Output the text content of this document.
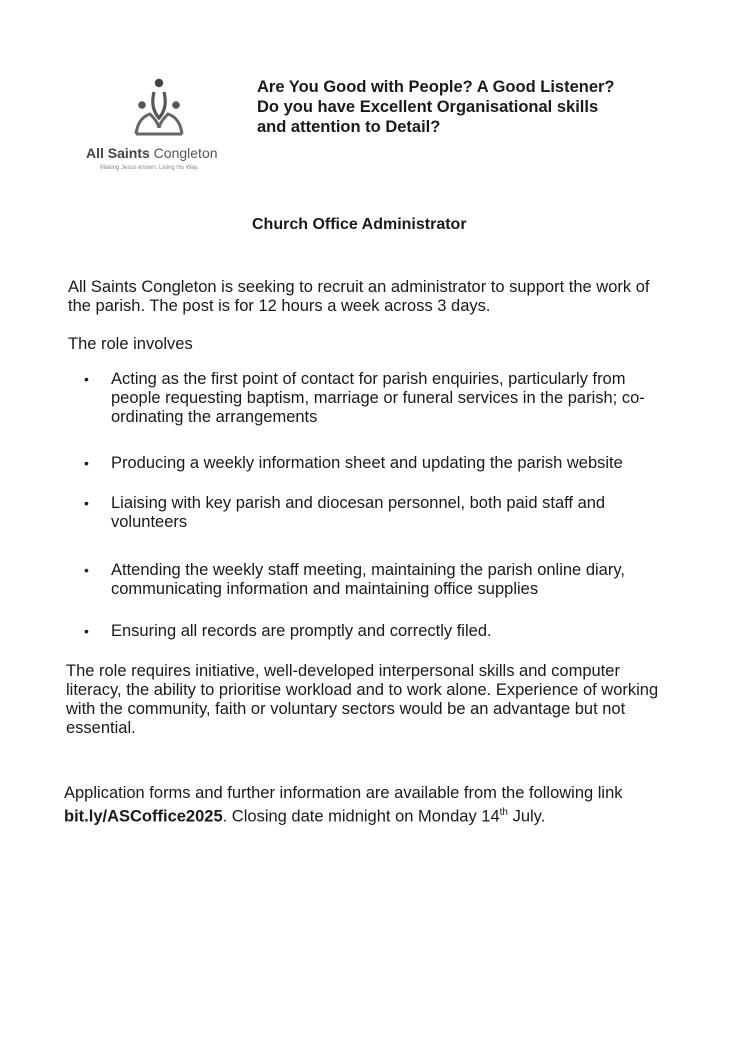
All Saints Congleton
Making Jesus known. Living his Way.
Are You Good with People? A Good Listener?
Do you have Excellent Organisational skills
and attention to Detail?
Church Office Administrator
All Saints Congleton is seeking to recruit an administrator to support the work of the parish. The post is for 12 hours a week across 3 days.
The role involves
• Acting as the first point of contact for parish enquiries, particularly from people requesting baptism, marriage or funeral services in the parish; co-ordinating the arrangements
• Producing a weekly information sheet and updating the parish website
• Liaising with key parish and diocesan personnel, both paid staff and volunteers
• Attending the weekly staff meeting, maintaining the parish online diary, communicating information and maintaining office supplies
• Ensuring all records are promptly and correctly filed.
The role requires initiative, well-developed interpersonal skills and computer literacy, the ability to prioritise workload and to work alone. Experience of working with the community, faith or voluntary sectors would be an advantage but not essential.
Application forms and further information are available from the following link
bit.ly/ASCoffice2025. Closing date midnight on Monday 14th July.
